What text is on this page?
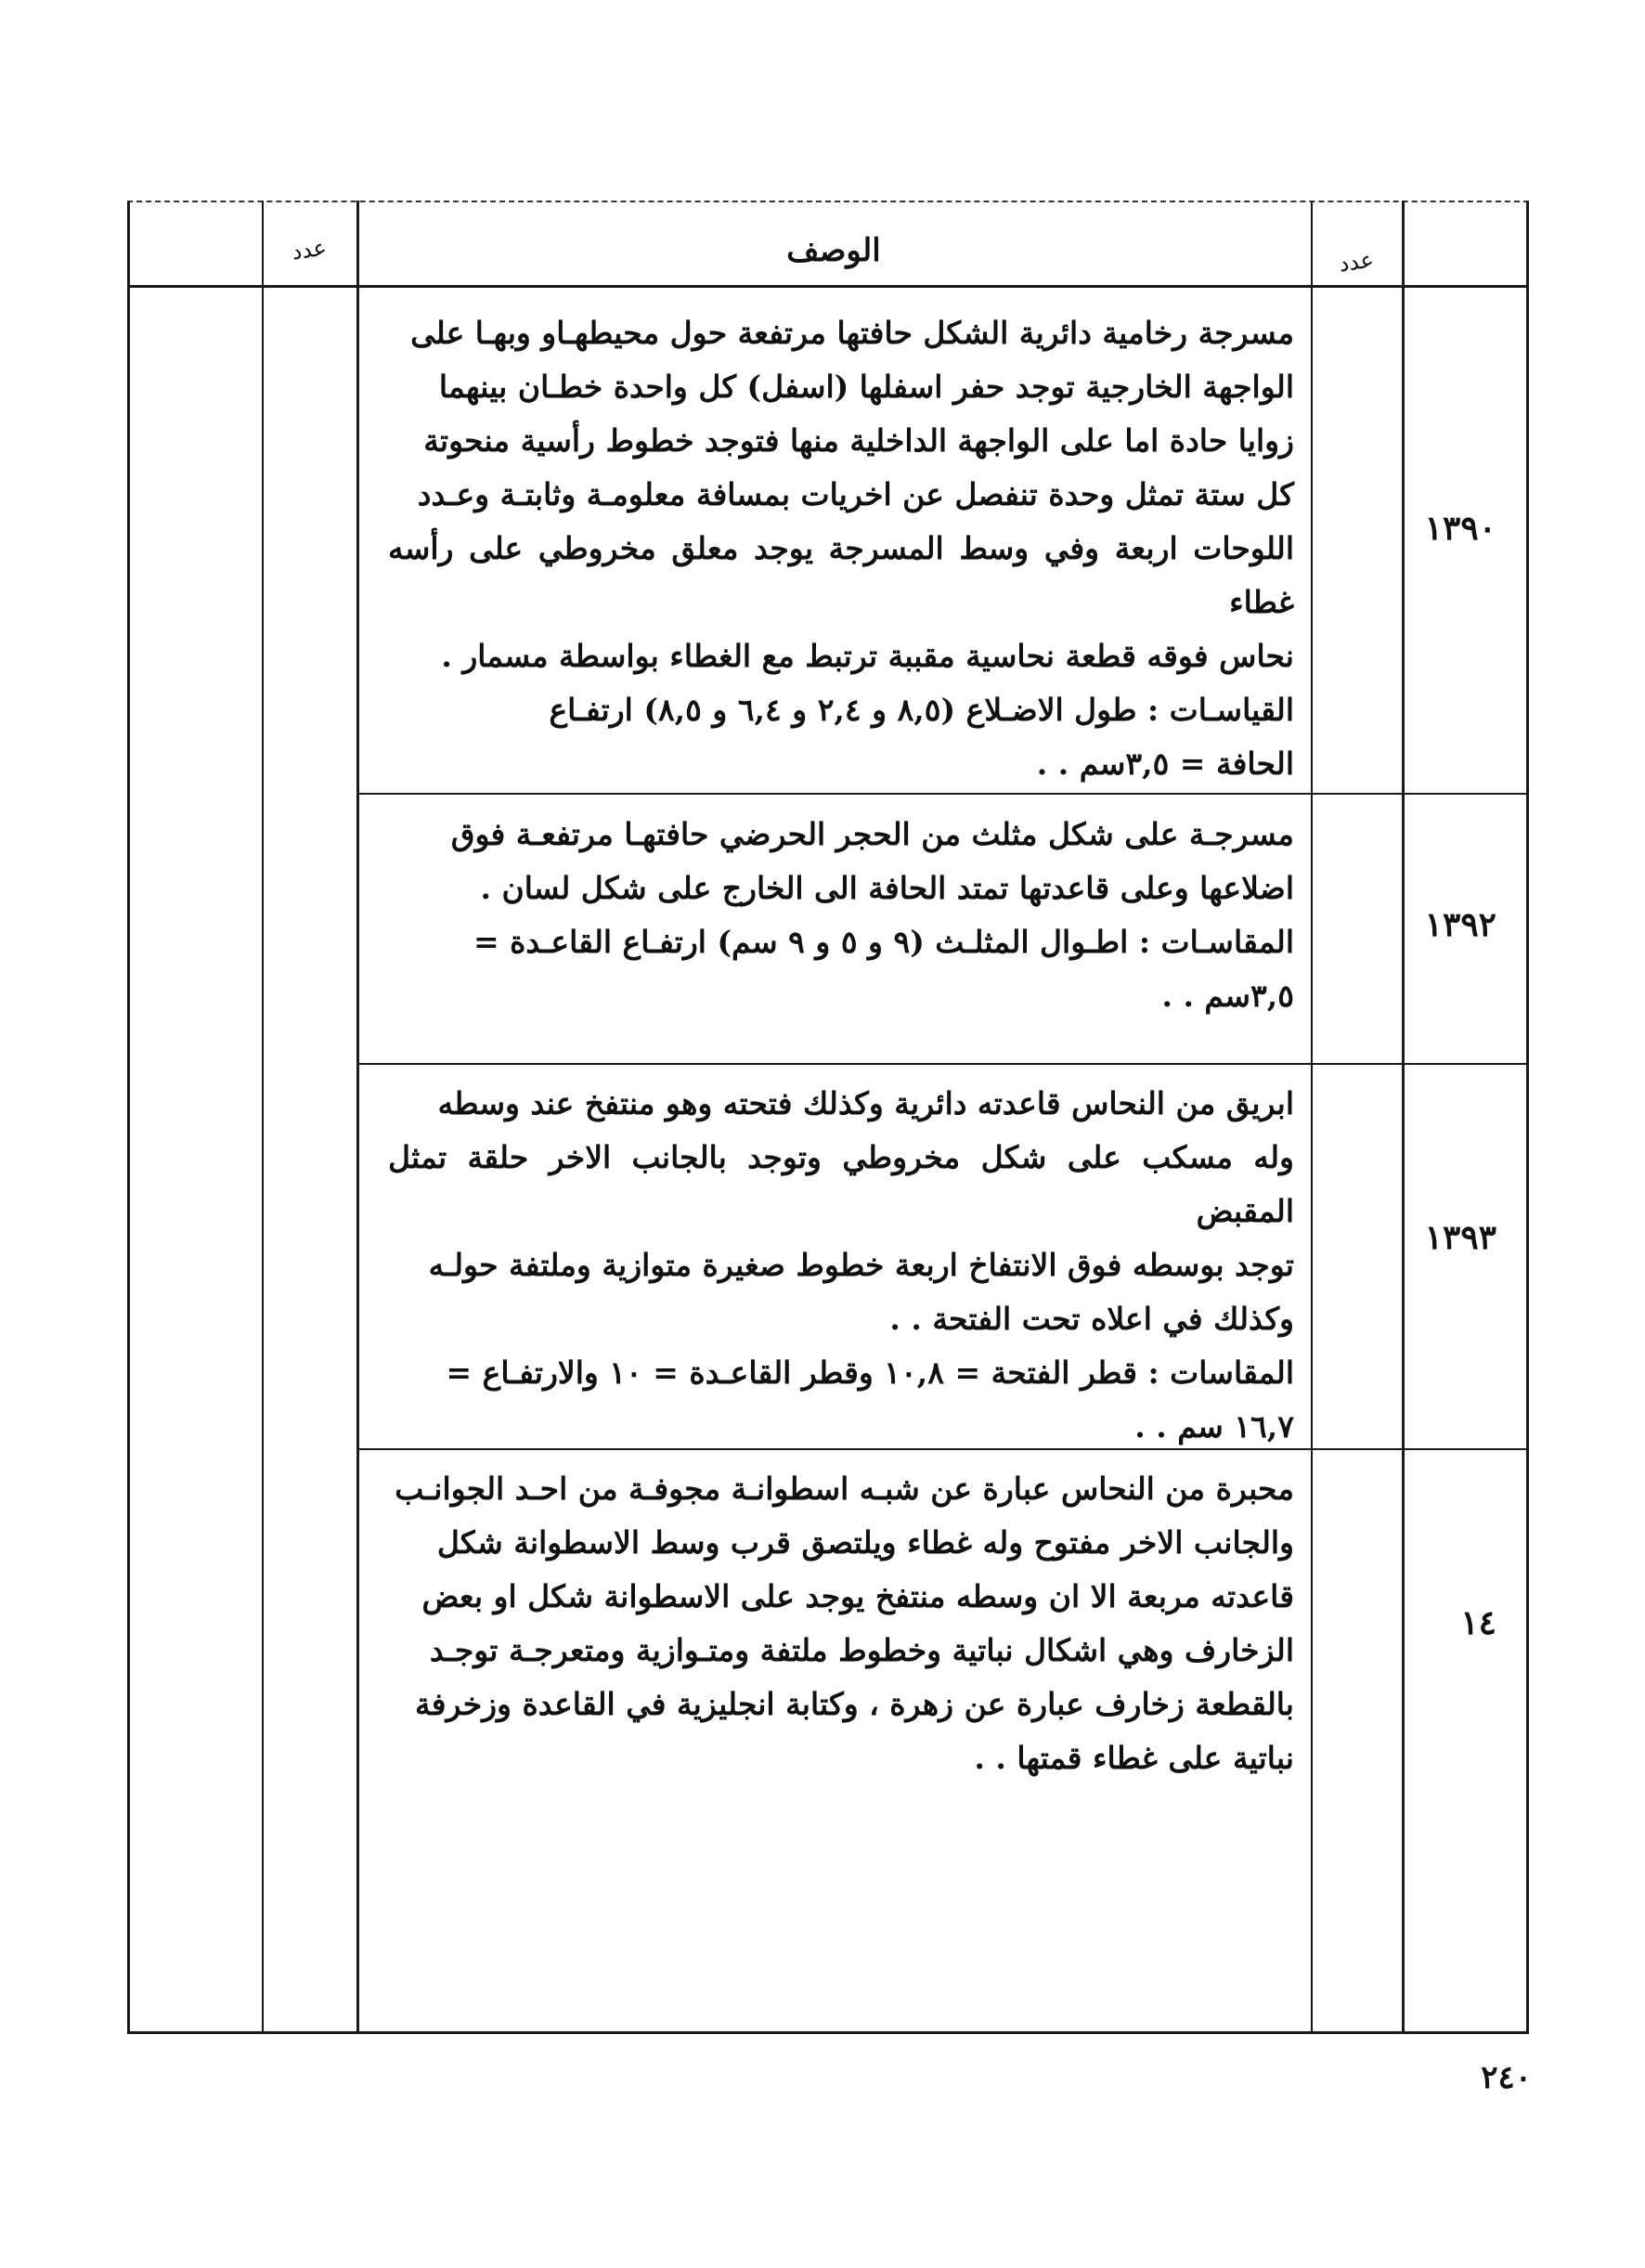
عدد	الوصف	عدد
١٣٩٠

مسرجة رخامية دائرية الشكل حافتها مرتفعة حول محيطهـاو وبهـا على

الواجهة الخارجية توجد حفر اسفلها (اسفل) كل واحدة خطـان بينهما

زوايا حادة اما على الواجهة الداخلية منها فتوجد خطوط رأسية منحوتة

كل ستة تمثل وحدة تنفصل عن اخريات بمسافة معلومـة وثابتـة وعـدد

اللوحات اربعة وفي وسط المسرجة يوجد معلق مخروطي على رأسه غطاء

نحاس فوقه قطعة نحاسية مقببة ترتبط مع الغطاء بواسطة مسمار .

القياسـات : طول الاضـلاع (٨,٥ و ٢,٤ و ٦,٤ و ٨,٥) ارتفـاع

الحافة = ٣,٥سم . .

١٣٩٢

مسرجـة على شكل مثلث من الحجر الحرضي حافتهـا مرتفعـة فوق

اضلاعها وعلى قاعدتها تمتد الحافة الى الخارج على شكل لسان .

المقاسـات : اطـوال المثلـث (٩ و ٥ و ٩ سم) ارتفـاع القاعـدة =

٣,٥سم . .

١٣٩٣

ابريق من النحاس قاعدته دائرية وكذلك فتحته وهو منتفخ عند وسطه

وله مسكب على شكل مخروطي وتوجد بالجانب الاخر حلقة تمثل المقبض

توجد بوسطه فوق الانتفاخ اربعة خطوط صغيرة متوازية وملتفة حولـه

وكذلك في اعلاه تحت الفتحة . .

المقاسات : قطر الفتحة = ١٠,٨ وقطر القاعـدة = ١٠ والارتفـاع =

١٦,٧ سم . .

١٤

محبرة من النحاس عبارة عن شبـه اسطوانـة مجوفـة من احـد الجوانـب

والجانب الاخر مفتوح وله غطاء ويلتصق قرب وسط الاسطوانة شكل

قاعدته مربعة الا ان وسطه منتفخ يوجد على الاسطوانة شكل او بعض

الزخارف وهي اشكال نباتية وخطوط ملتفة ومتـوازية ومتعرجـة توجـد

بالقطعة زخارف عبارة عن زهرة ، وكتابة انجليزية في القاعدة وزخرفة

نباتية على غطاء قمتها . .

٢٤٠
